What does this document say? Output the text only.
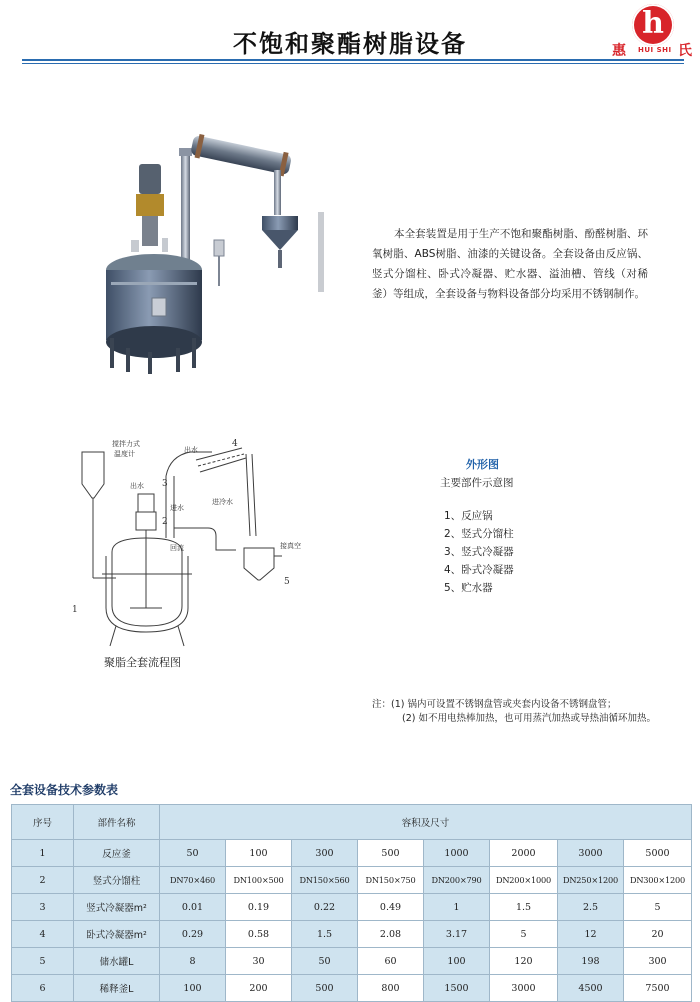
不饱和聚酯树脂设备
h
惠	氏
HUI SHI
本全套装置是用于生产不饱和聚酯树脂、酚醛树脂、环氧树脂、ABS树脂、油漆的关键设备。全套设备由反应锅、竖式分馏柱、卧式冷凝器、贮水器、溢油槽、管线（对稀釜）等组成，全套设备与物料设备部分均采用不锈钢制作。
搅拌力式
温度计	出水
出水
进水
进冷水
回流	接真空
4
3
2
5
1
聚脂全套流程图
外形图
主要部件示意图
1、反应锅
2、竖式分馏柱
3、竖式冷凝器
4、卧式冷凝器
5、贮水器
注：(1) 锅内可设置不锈钢盘管或夹套内设备不锈钢盘管；
(2) 如不用电热棒加热，也可用蒸汽加热或导热油循环加热。
全套设备技术参数表
序号	部件名称	容积及尺寸							
1	反应釜	50	100	300	500	1000	2000	3000	5000
2	竖式分馏柱	DN70×460	DN100×500	DN150×560	DN150×750	DN200×790	DN200×1000	DN250×1200	DN300×1200
3	竖式冷凝器m²	0.01	0.19	0.22	0.49	1	1.5	2.5	5
4	卧式冷凝器m²	0.29	0.58	1.5	2.08	3.17	5	12	20
5	储水罐L	8	30	50	60	100	120	198	300
6	稀释釜L	100	200	500	800	1500	3000	4500	7500
